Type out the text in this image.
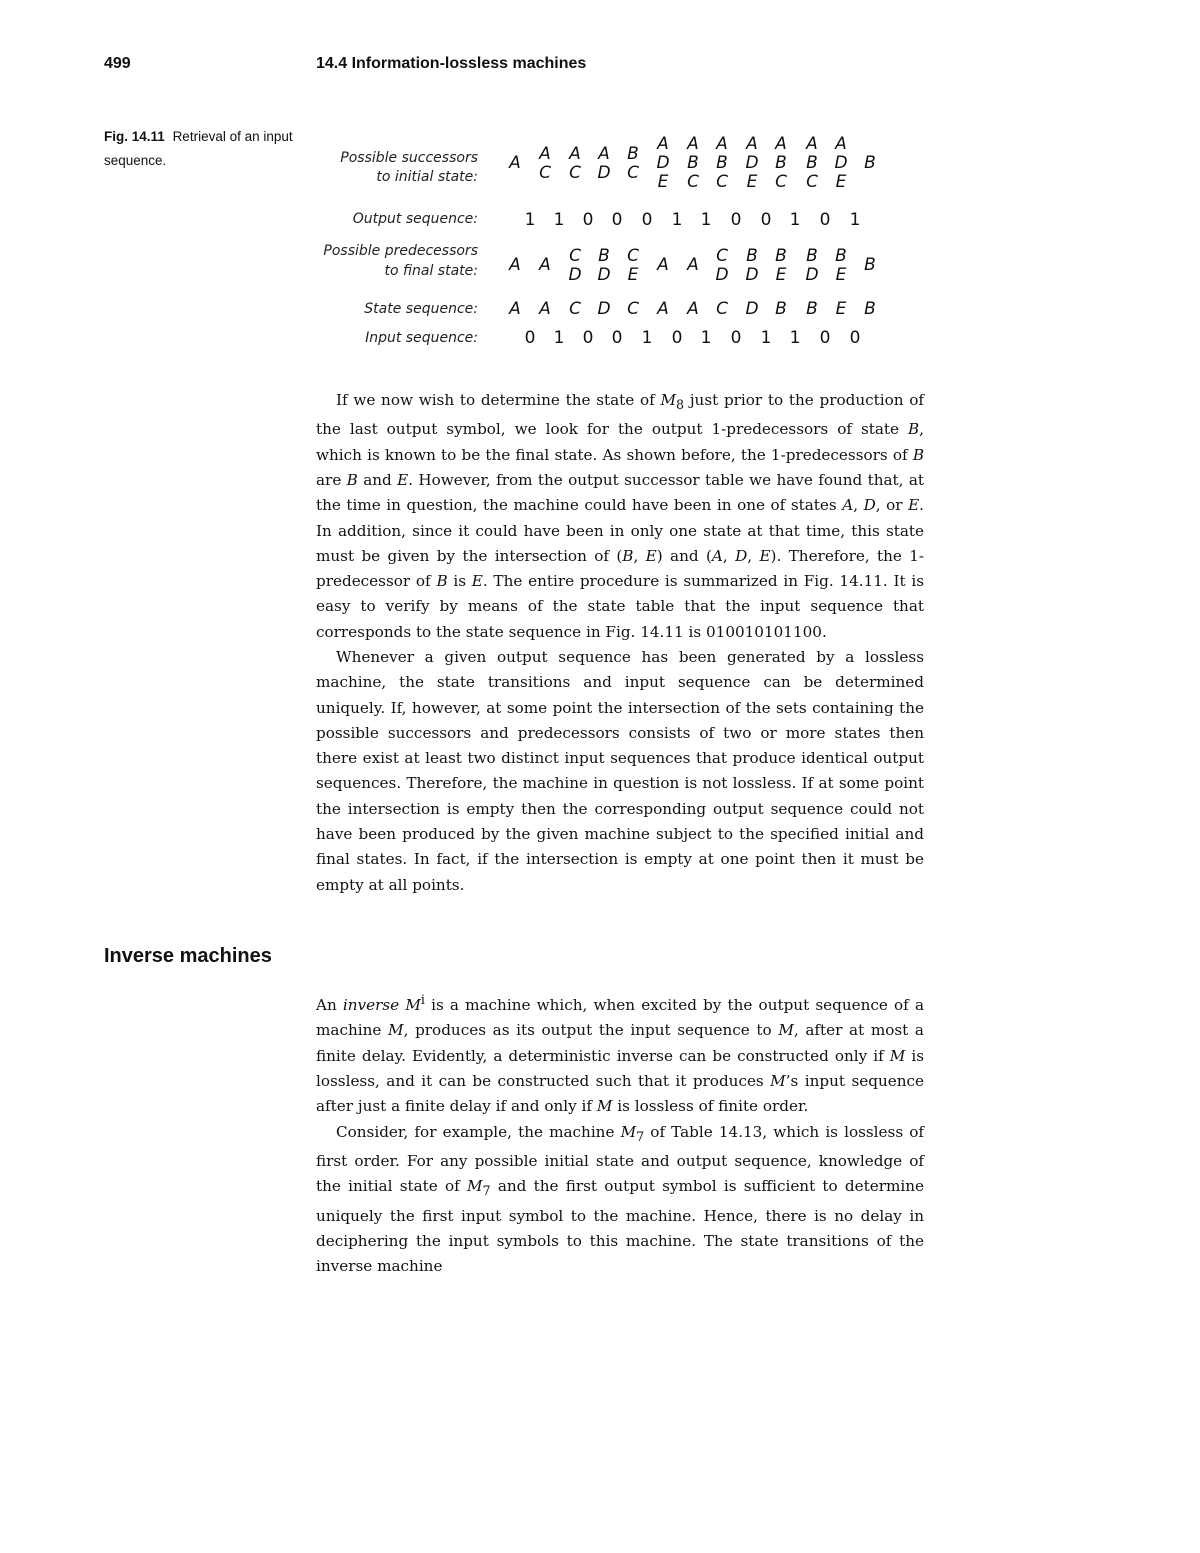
499	14.4 Information-lossless machines
Fig. 14.11 Retrieval of an input sequence.	Possible successors
to initial state:
Output sequence:
Possible predecessors
to final state:
State sequence:
Input sequence:
A A
C
A
C
A
D
B
C
A
D
E
A
B
C
A
B
C
A
D
E
A
B
C
A
B
C
A
D
E
B
A A C
D
B
D
C
E A A C
D
B
D
B
E
B
D
B
E B
1 1 0 0 0 1 1 0 0 1 0 1
A A C D C A A C D B B E B
0 1 0 0 1 0 1 0 1 1 0 0

If we now wish to determine the state of $M_8$ just prior to the production of the last output symbol, we look for the output 1-predecessors of state B, which is known to be the final state. As shown before, the 1-predecessors of B are B and E. However, from the output successor table we have found that, at the time in question, the machine could have been in one of states A, D, or E. In addition, since it could have been in only one state at that time, this state must be given by the intersection of (B, E) and (A, D, E). Therefore, the 1-predecessor of B is E. The entire procedure is summarized in Fig. 14.11. It is easy to verify by means of the state table that the input sequence that corresponds to the state sequence in Fig. 14.11 is 010010101100.

Whenever a given output sequence has been generated by a lossless machine, the state transitions and input sequence can be determined uniquely. If, however, at some point the intersection of the sets containing the possible successors and predecessors consists of two or more states then there exist at least two distinct input sequences that produce identical output sequences. Therefore, the machine in question is not lossless. If at some point the intersection is empty then the corresponding output sequence could not have been produced by the given machine subject to the specified initial and final states. In fact, if the intersection is empty at one point then it must be empty at all points.

Inverse machines

An inverse $M^i$ is a machine which, when excited by the output sequence of a machine M, produces as its output the input sequence to M, after at most a finite delay. Evidently, a deterministic inverse can be constructed only if M is lossless, and it can be constructed such that it produces M’s input sequence after just a finite delay if and only if M is lossless of finite order.

Consider, for example, the machine $M_7$ of Table 14.13, which is lossless of first order. For any possible initial state and output sequence, knowledge of the initial state of $M_7$ and the first output symbol is sufficient to determine uniquely the first input symbol to the machine. Hence, there is no delay in deciphering the input symbols to this machine. The state transitions of the inverse machine
